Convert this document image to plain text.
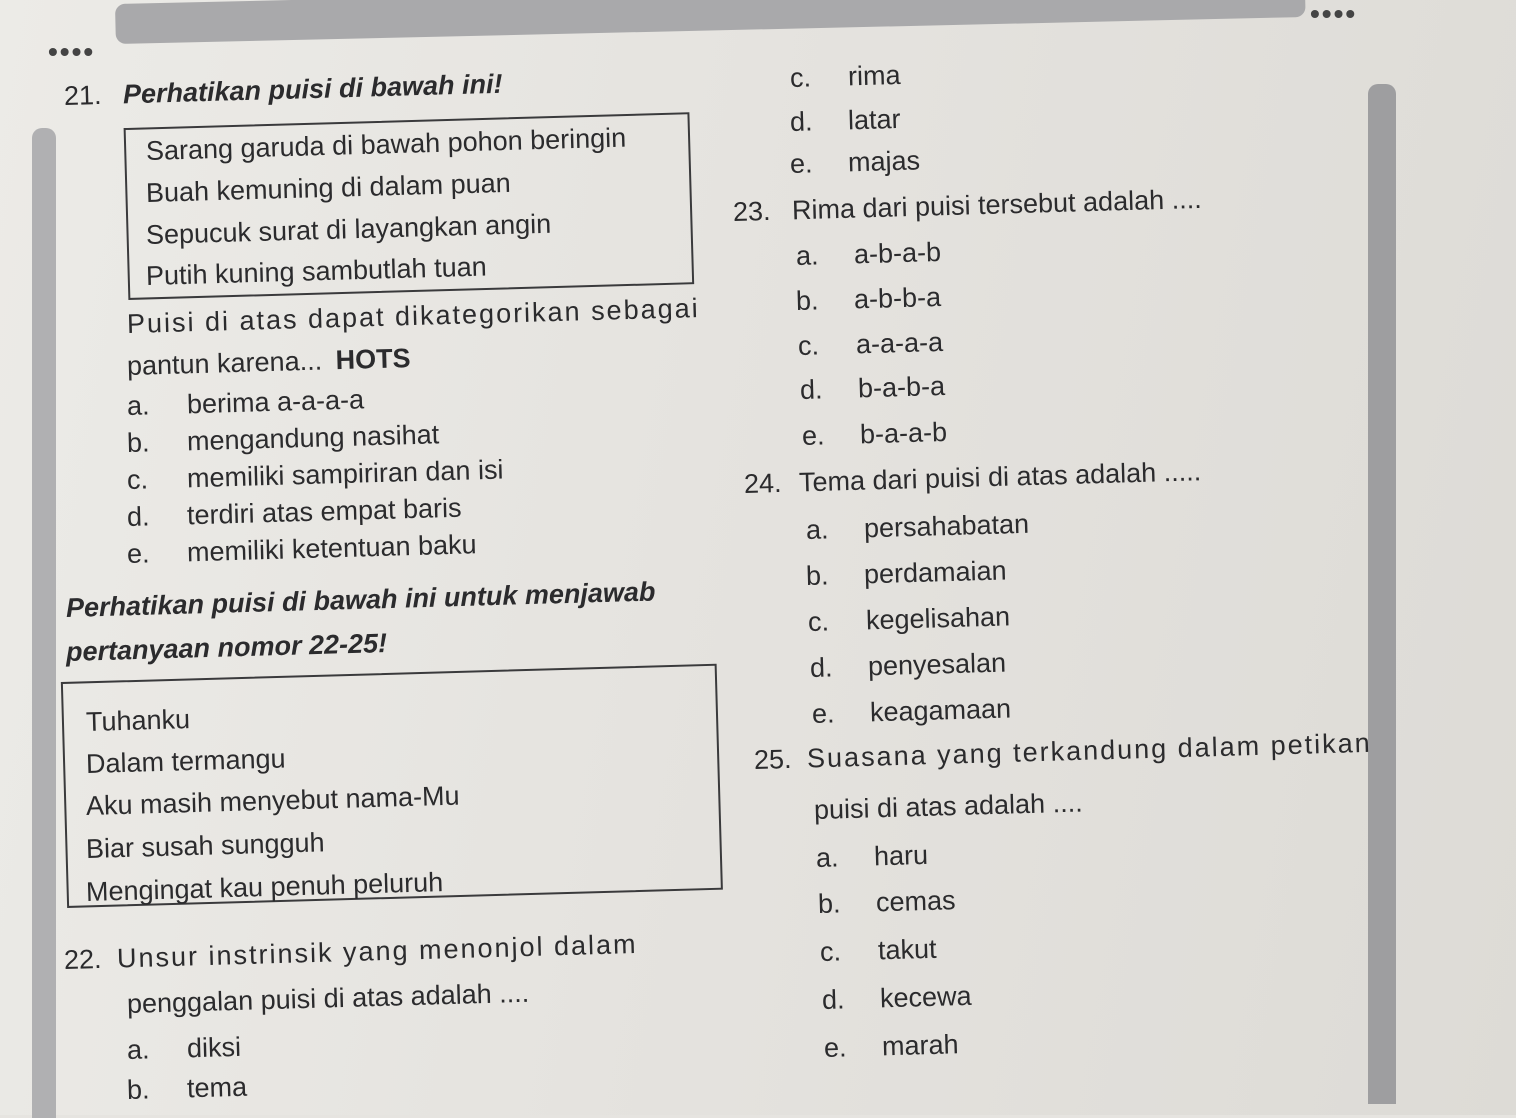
••••
••••
21. Perhatikan puisi di bawah ini!
Sarang garuda di bawah pohon beringin
Buah kemuning di dalam puan
Sepucuk surat di layangkan angin
Putih kuning sambutlah tuan
Puisi di atas dapat dikategorikan sebagai
pantun karena... HOTS
a. berima a-a-a-a
b. mengandung nasihat
c. memiliki sampiriran dan isi
d. terdiri atas empat baris
e. memiliki ketentuan baku
Perhatikan puisi di bawah ini untuk menjawab
pertanyaan nomor 22-25!
Tuhanku
Dalam termangu
Aku masih menyebut nama-Mu
Biar susah sungguh
Mengingat kau penuh peluruh
22. Unsur instrinsik yang menonjol dalam
penggalan puisi di atas adalah ....
a. diksi
b. tema
c. rima
d. latar
e. majas
23. Rima dari puisi tersebut adalah ....
a. a-b-a-b
b. a-b-b-a
c. a-a-a-a
d. b-a-b-a
e. b-a-a-b
24. Tema dari puisi di atas adalah .....
a. persahabatan
b. perdamaian
c. kegelisahan
d. penyesalan
e. keagamaan
25. Suasana yang terkandung dalam petikan
puisi di atas adalah ....
a. haru
b. cemas
c. takut
d. kecewa
e. marah
